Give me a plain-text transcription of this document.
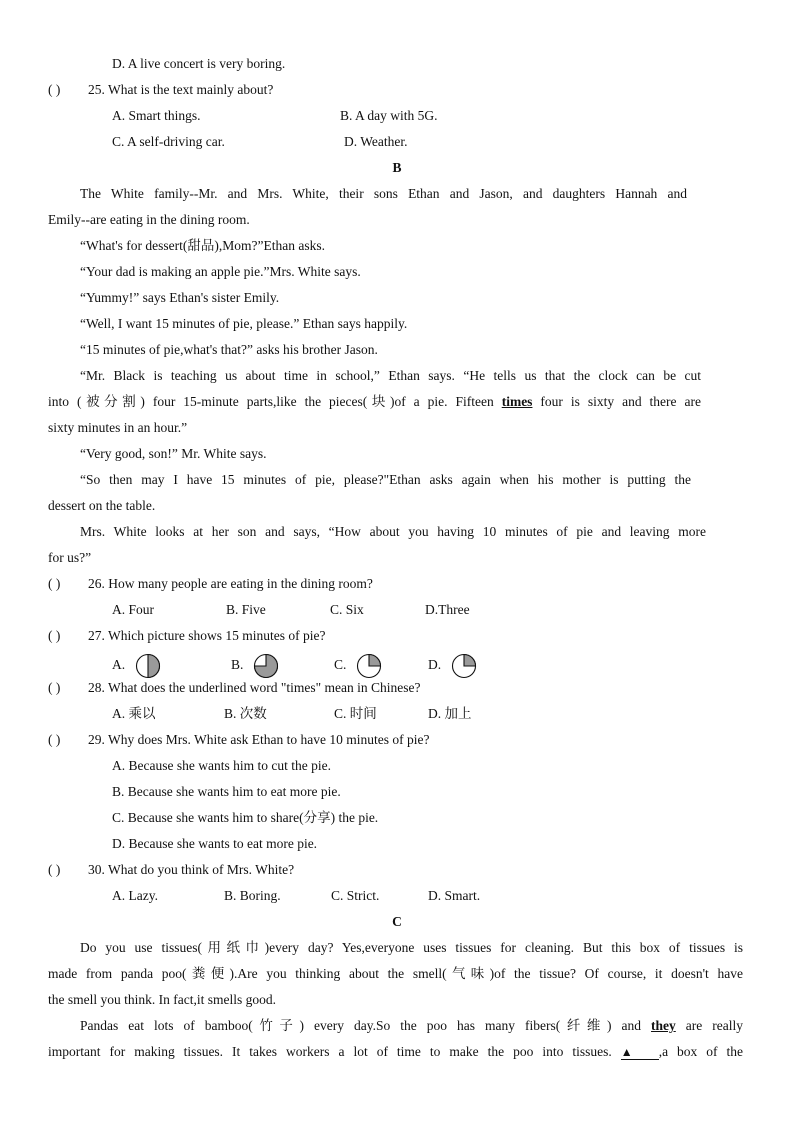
D. A live concert is very boring.
( ) 25. What is the text mainly about?
A. Smart things.	B. A day with 5G.
C. A self-driving car.	D. Weather.
B
The White family--Mr. and Mrs. White, their sons Ethan and Jason, and daughters Hannah and
Emily--are eating in the dining room.
“What's for dessert(甜品),Mom?”Ethan asks.
“Your dad is making an apple pie.”Mrs. White says.
“Yummy!” says Ethan's sister Emily.
“Well, I want 15 minutes of pie, please.” Ethan says happily.
“15 minutes of pie,what's that?” asks his brother Jason.
“Mr. Black is teaching us about time in school,” Ethan says. “He tells us that the clock can be cut
into (被分割) four 15-minute parts,like the pieces(块)of a pie. Fifteen times four is sixty and there are
sixty minutes in an hour.”
“Very good, son!” Mr. White says.
“So then may I have 15 minutes of pie, please?"Ethan asks again when his mother is putting the
dessert on the table.
Mrs. White looks at her son and says, “How about you having 10 minutes of pie and leaving more
for us?”
( ) 26. How many people are eating in the dining room?
A. Four	B. Five	C. Six	D.Three
( ) 27. Which picture shows 15 minutes of pie?
A.	B.	C.	D.
( ) 28. What does the underlined word "times" mean in Chinese?
A. 乘以	B. 次数	C. 时间	D. 加上
( ) 29. Why does Mrs. White ask Ethan to have 10 minutes of pie?
A. Because she wants him to cut the pie.
B. Because she wants him to eat more pie.
C. Because she wants him to share(分享) the pie.
D. Because she wants to eat more pie.
( ) 30. What do you think of Mrs. White?
A. Lazy.	B. Boring.	C. Strict.	D. Smart.
C
Do you use tissues(用纸巾)every day? Yes,everyone uses tissues for cleaning. But this box of tissues is
made from panda poo(粪便).Are you thinking about the smell(气味)of the tissue? Of course, it doesn't have
the smell you think. In fact,it smells good.
Pandas eat lots of bamboo(竹子) every day.So the poo has many fibers(纤维) and they are really
important for making tissues. It takes workers a lot of time to make the poo into tissues. ▲ ,a box of the
